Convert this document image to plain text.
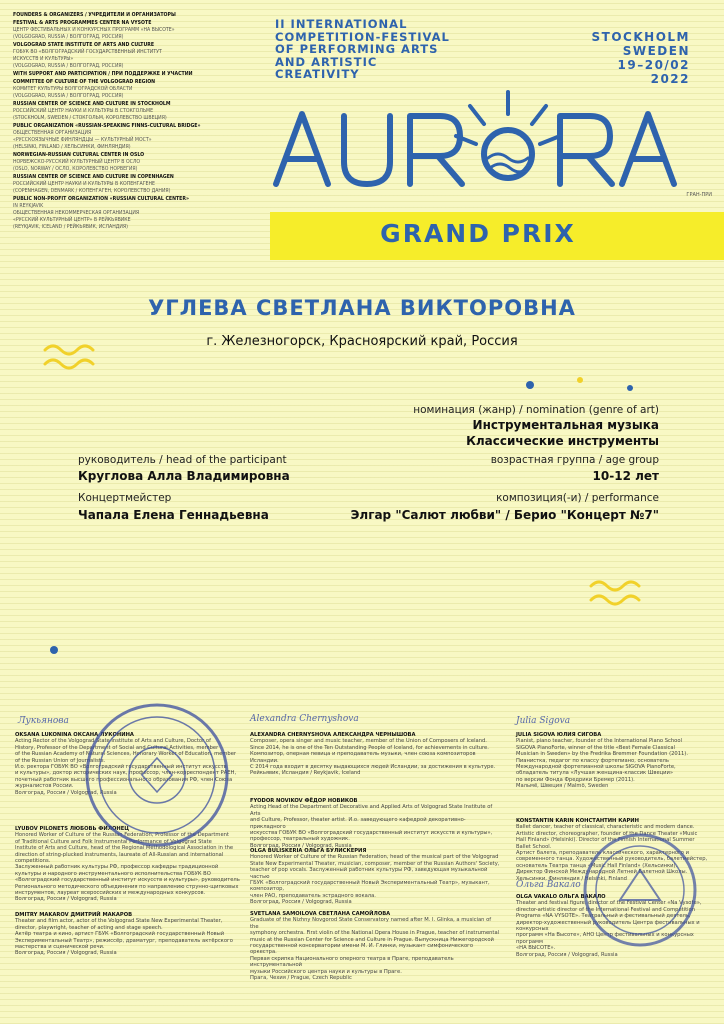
FOUNDERS & ORGANIZERS / УЧРЕДИТЕЛИ И ОРГАНИЗАТОРЫ
FESTIVAL & ARTS PROGRAMMES CENTER NA VYSOTE
ЦЕНТР ФЕСТИВАЛЬНЫХ И КОНКУРСНЫХ ПРОГРАММ «НА ВЫСОТЕ»
(VOLGOGRAD, RUSSIA / ВОЛГОГРАД, РОССИЯ)
VOLGOGRAD STATE INSTITUTE OF ARTS AND CULTURE
ГОБУК ВО «ВОЛГОГРАДСКИЙ ГОСУДАРСТВЕННЫЙ ИНСТИТУТ
ИСКУССТВ И КУЛЬТУРЫ»
(VOLGOGRAD, RUSSIA / ВОЛГОГРАД, РОССИЯ)
WITH SUPPORT AND PARTICIPATION / ПРИ ПОДДЕРЖКЕ И УЧАСТИИ
COMMITTEE OF CULTURE OF THE VOLGOGRAD REGION
КОМИТЕТ КУЛЬТУРЫ ВОЛГОГРАДСКОЙ ОБЛАСТИ
(VOLGOGRAD, RUSSIA / ВОЛГОГРАД, РОССИЯ)
RUSSIAN CENTER OF SCIENCE AND CULTURE IN STOCKHOLM
РОССИЙСКИЙ ЦЕНТР НАУКИ И КУЛЬТУРЫ В СТОКГОЛЬМЕ
(STOCKHOLM, SWEDEN / СТОКГОЛЬМ, КОРОЛЕВСТВО ШВЕЦИЯ)
PUBLIC ORGANIZATION «RUSSIAN-SPEAKING FINNS-CULTURAL BRIDGE»
ОБЩЕСТВЕННАЯ ОРГАНИЗАЦИЯ
«РУССКОЯЗЫЧНЫЕ ФИНЛЯНДЦЫ — КУЛЬТУРНЫЙ МОСТ»
(HELSINKI, FINLAND / ХЕЛЬСИНКИ, ФИНЛЯНДИЯ)
NORWEGIAN-RUSSIAN CULTURAL CENTER IN OSLO
НОРВЕЖСКО-РУССКИЙ КУЛЬТУРНЫЙ ЦЕНТР В ОСЛО
(OSLO, NORWAY / ОСЛО, КОРОЛЕВСТВО НОРВЕГИЯ)
RUSSIAN CENTER OF SCIENCE AND CULTURE IN COPENHAGEN
РОССИЙСКИЙ ЦЕНТР НАУКИ И КУЛЬТУРЫ В КОПЕНГАГЕНЕ
(COPENHAGEN, DENMARK / КОПЕНГАГЕН, КОРОЛЕВСТВО ДАНИЯ)
PUBLIC NON-PROFIT ORGANIZATION «RUSSIAN CULTURAL CENTER»
IN REYKJAVIK
ОБЩЕСТВЕННАЯ НЕКОММЕРЧЕСКАЯ ОРГАНИЗАЦИЯ
«РУССКИЙ КУЛЬТУРНЫЙ ЦЕНТР» В РЕЙКЬЯВИКЕ
(REYKJAVIK, ICELAND / РЕЙКЬЯВИК, ИСЛАНДИЯ)
II INTERNATIONAL
COMPETITION-FESTIVAL
OF PERFORMING ARTS
AND ARTISTIC
CREATIVITY
STOCKHOLM
SWEDEN
19–20/02
2022
ГРАН-ПРИ
GRAND PRIX
УГЛЕВА СВЕТЛАНА ВИКТОРОВНА
г. Железногорск, Красноярский край, Россия
номинация (жанр) / nomination (genre of art)
Инструментальная музыка
Классические инструменты
руководитель / head of the participant
Круглова Алла Владимировна
возрастная группа / age group
10-12 лет
Концертмейстер
Чапала Елена Геннадьевна
композиция(-и) / performance
Элгар "Салют любви" / Берио "Концерт №7"
OKSANA LUKONINA ОКСАНА ЛУКОНИНА
Acting Rector of the Volgograd State Institute of Arts and Culture, Doctor of
History, Professor of the Department of Social and Cultural Activities, member
of the Russian Academy of Natural Sciences, Honorary Worker of Education, member
of the Russian Union of Journalists.
И.о. ректора ГОБУК ВО «Волгоградский государственный институт искусств
и культуры», доктор исторических наук, профессор, член-корреспондент РАЕН,
почетный работник высшего профессионального образования РФ, член Союза
журналистов России.
Волгоград, Россия / Volgograd, Russia
LYUBOV PILONETS ЛЮБОВЬ ФИЛОНЕЦ
Honored Worker of Culture of the Russian Federation, Professor of the Department
of Traditional Culture and Folk Instrumental Performance of Volgograd State
Institute of Arts and Culture, head of the Regional Methodological Association in the
direction of string-plucked instruments, laureate of All-Russian and international
competitions.
Заслуженный работник культуры РФ, профессор кафедры традиционной
культуры и народного инструментального исполнительства ГОБУК ВО
«Волгоградский государственный институт искусств и культуры», руководитель
Регионального методического объединения по направлению струнно-щипковых
инструментов, лауреат всероссийских и международных конкурсов.
Волгоград, Россия / Volgograd, Russia
DMITRY MAKAROV ДМИТРИЙ МАКАРОВ
Theater and film actor, actor of the Volgograd State New Experimental Theater,
director, playwright, teacher of acting and stage speech.
Актёр театра и кино, артист ГБУК «Волгоградский государственный Новый
Экспериментальный Театр», режиссёр, драматург, преподаватель актёрского
мастерства и сценической речи.
Волгоград, Россия / Volgograd, Russia
ALEXANDRA CHERNYSHOVA АЛЕКСАНДРА ЧЕРНЫШОВА
Composer, opera singer and music teacher, member of the Union of Composers of Iceland.
Since 2014, he is one of the Ten Outstanding People of Iceland, for achievements in culture.
Композитор, оперная певица и преподаватель музыки, член союза композиторов Исландии.
С 2014 года входит в десятку выдающихся людей Исландии, за достижения в культуре.
Рейкьявик, Исландия / Reykjavik, Iceland
FYODOR NOVIKOV ФЁДОР НОВИКОВ
Acting Head of the Department of Decorative and Applied Arts of Volgograd State Institute of Arts
and Culture, Professor, theater artist. И.о. заведующего кафедрой декоративно-прикладного
искусства ГОБУК ВО «Волгоградский государственный институт искусств и культуры»,
профессор, театральный художник.
Волгоград, Россия / Volgograd, Russia
OLGA BULISKERIA ОЛЬГА БУЛИСКЕРИЯ
Honored Worker of Culture of the Russian Federation, head of the musical part of the Volgograd
State New Experimental Theater, musician, composer, member of the Russian Authors' Society,
teacher of pop vocals. Заслуженный работник культуры РФ, заведующая музыкальной частью
ГБУК «Волгоградский государственный Новый Экспериментальный Театр», музыкант, композитор,
член РАО, преподаватель эстрадного вокала.
Волгоград, Россия / Volgograd, Russia
SVETLANA SAMOILOVA СВЕТЛАНА САМОЙЛОВА
Graduate of the Nizhny Novgorod State Conservatory named after M. I. Glinka, a musician of the
symphony orchestra. First violin of the National Opera House in Prague, teacher of instrumental
music at the Russian Center for Science and Culture in Prague. Выпускница Нижегородской
государственной консерватории имени М. И. Глинки, музыкант симфонического оркестра.
Первая скрипка Национального оперного театра в Праге, преподаватель инструментальной
музыки Российского центра науки и культуры в Праге.
Прага, Чехия / Prague, Czech Republic
JULIA SIGOVA ЮЛИЯ СИГОВА
Pianist, piano teacher, founder of the International Piano School
SIGOVA PianoForte, winner of the title «Best Female Classical
Musician in Sweden» by the Fredrika Bremmer Foundation (2011).
Пианистка, педагог по классу фортепиано, основатель
Международной фортепианной школы SIGOVA PianoForte,
обладатель титула «Лучшая женщина-классик Швеции»
по версии Фонда Фредрики Бремер (2011).
Мальмё, Швеция / Malmö, Sweden
KONSTANTIN KARIN КОНСТАНТИН КАРИН
Ballet dancer, teacher of classical, characteristic and modern dance.
Artistic director, choreographer, founder of the Dance Theater «Music
Hall Finland» (Helsinki). Director of the Finnish International Summer
Ballet School.
Артист балета, преподаватель классического, характерного и
современного танца. Художественный руководитель, балетмейстер,
основатель Театра танца «Music Hall Finland» (Хельсинки).
Директор Финской Международной Летней Балетной Школы.
Хельсинки, Финляндия / Helsinki, Finland
OLGA VAKALO ОЛЬГА ВАКАЛО
Theater and festival figure, director of the Festival Center «Na Vysote»,
director-artistic director of the International Festival and Competition
Programs «NA VYSOTE». Театральный и фестивальный деятель,
директор-художественный руководитель Центра фестивальных и конкурсных
программ «На Высоте», АНО Центр фестивальных и конкурсных программ
«НА ВЫСОТЕ».
Волгоград, Россия / Volgograd, Russia
Лукьянова	Alexandra Chernyshova	Julia Sigova
Ольга Вакало
